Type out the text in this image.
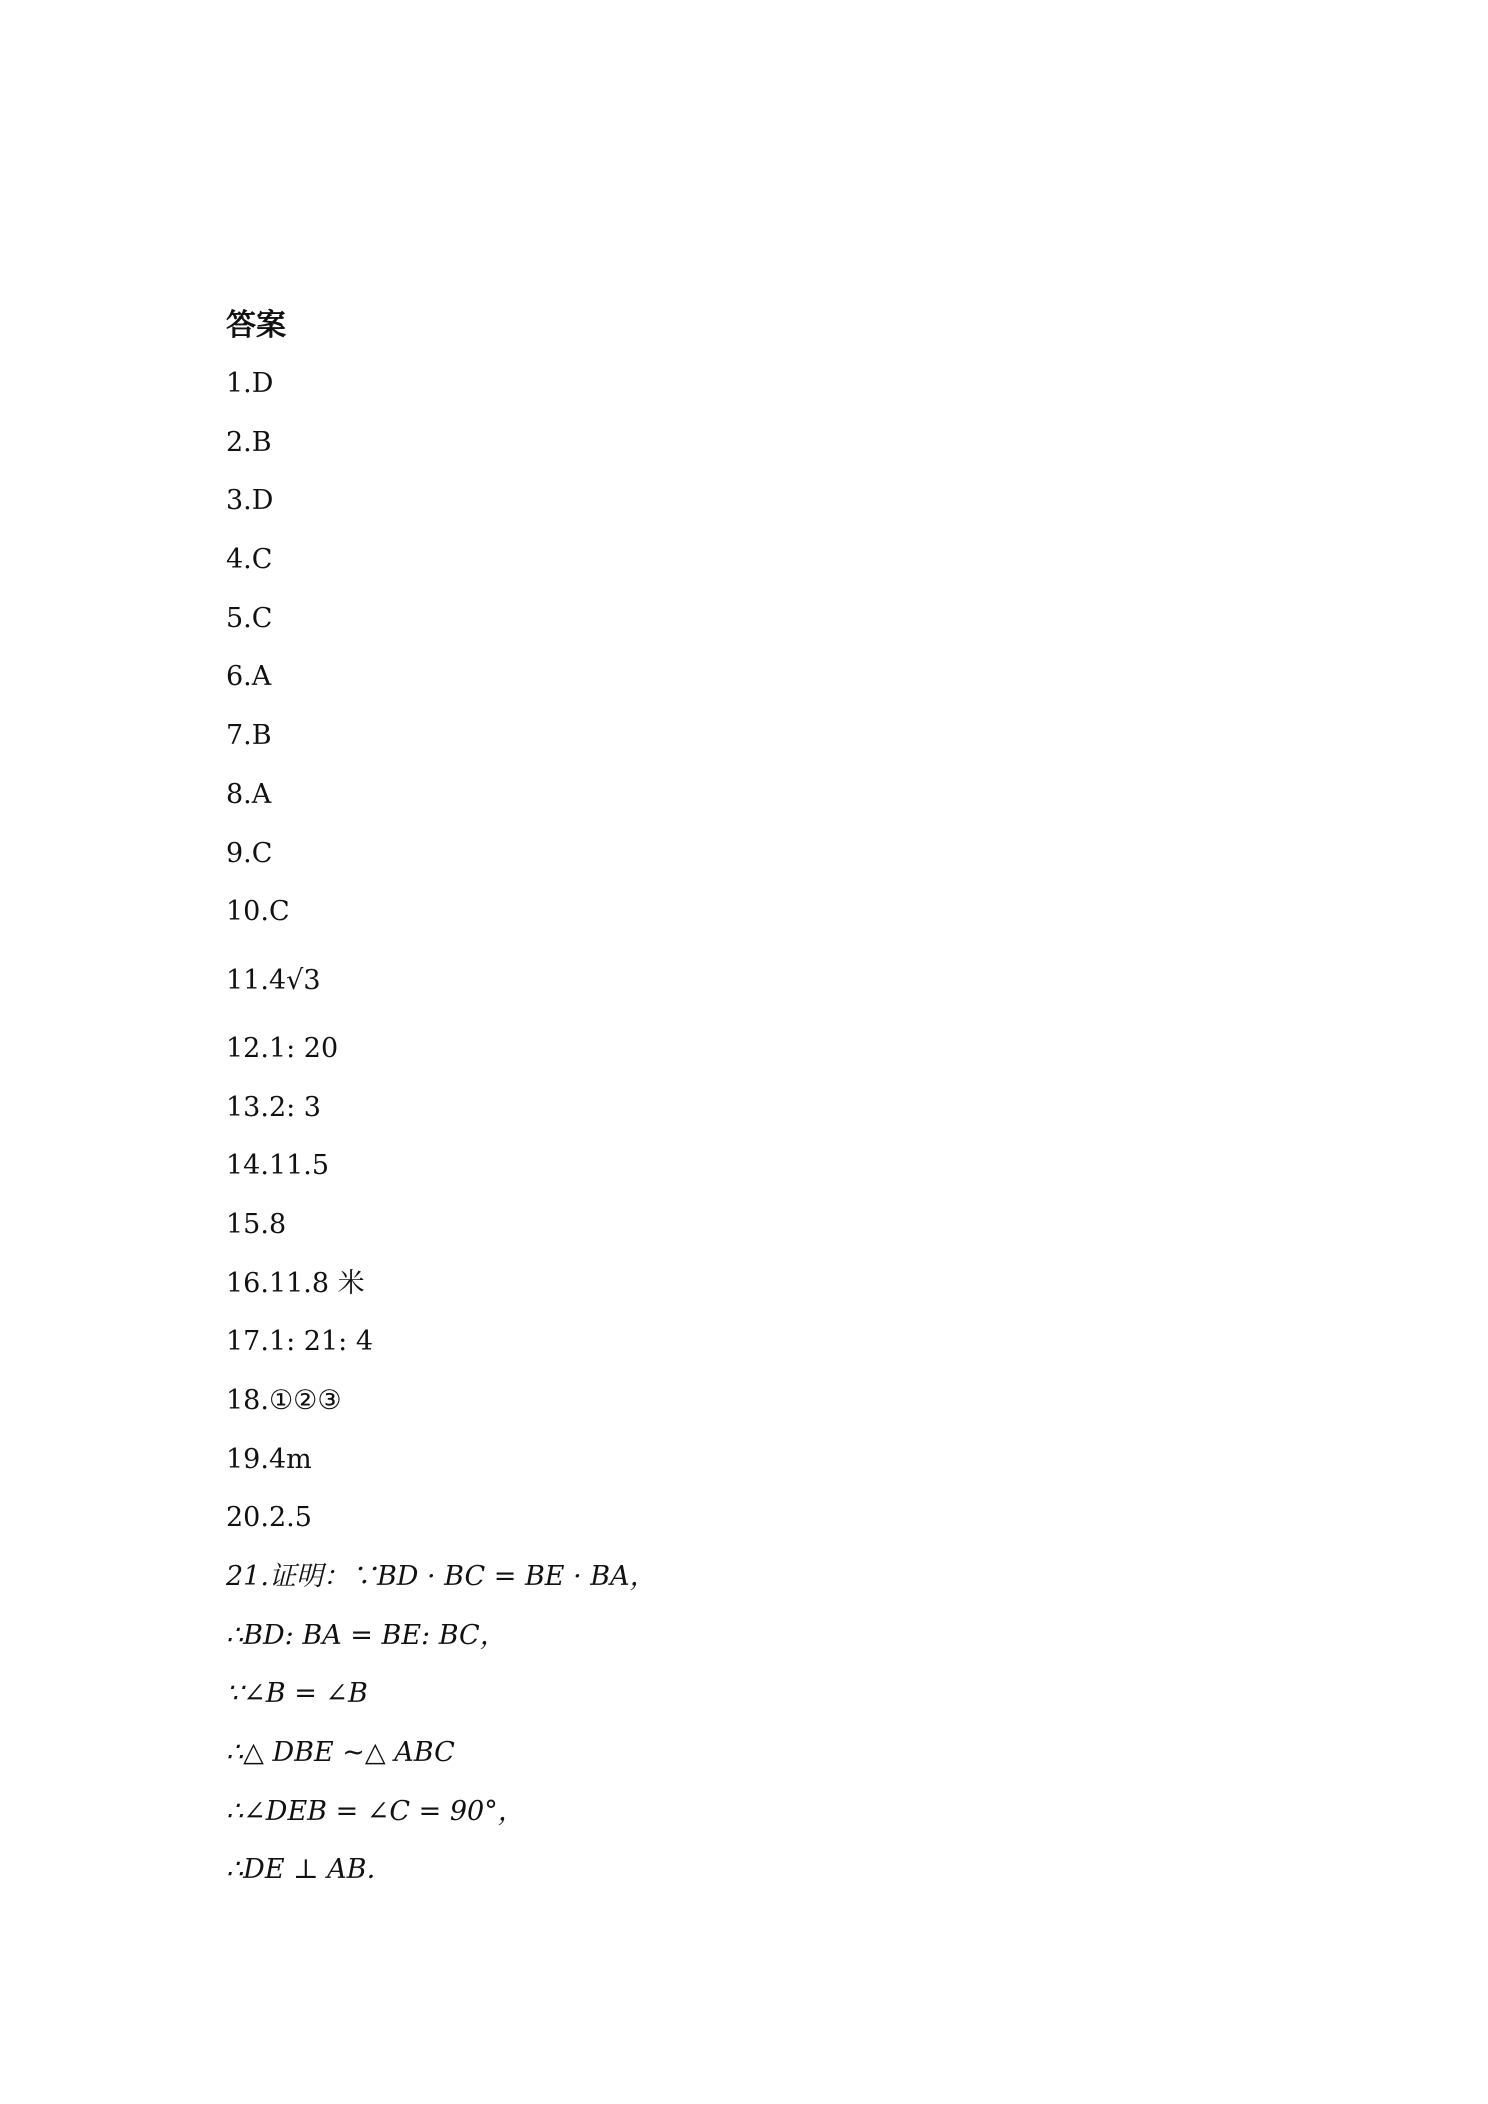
答案
1.D
2.B
3.D
4.C
5.C
6.A
7.B
8.A
9.C
10.C
11.4√3
12.1: 20
13.2: 3
14.11.5
15.8
16.11.8 米
17.1: 21: 4
18.①②③
19.4m
20.2.5
21.证明：∵BD · BC = BE · BA，
∴BD: BA = BE: BC，
∵∠B = ∠B
∴△ DBE ~△ ABC
∴∠DEB = ∠C = 90°，
∴DE ⊥ AB．
